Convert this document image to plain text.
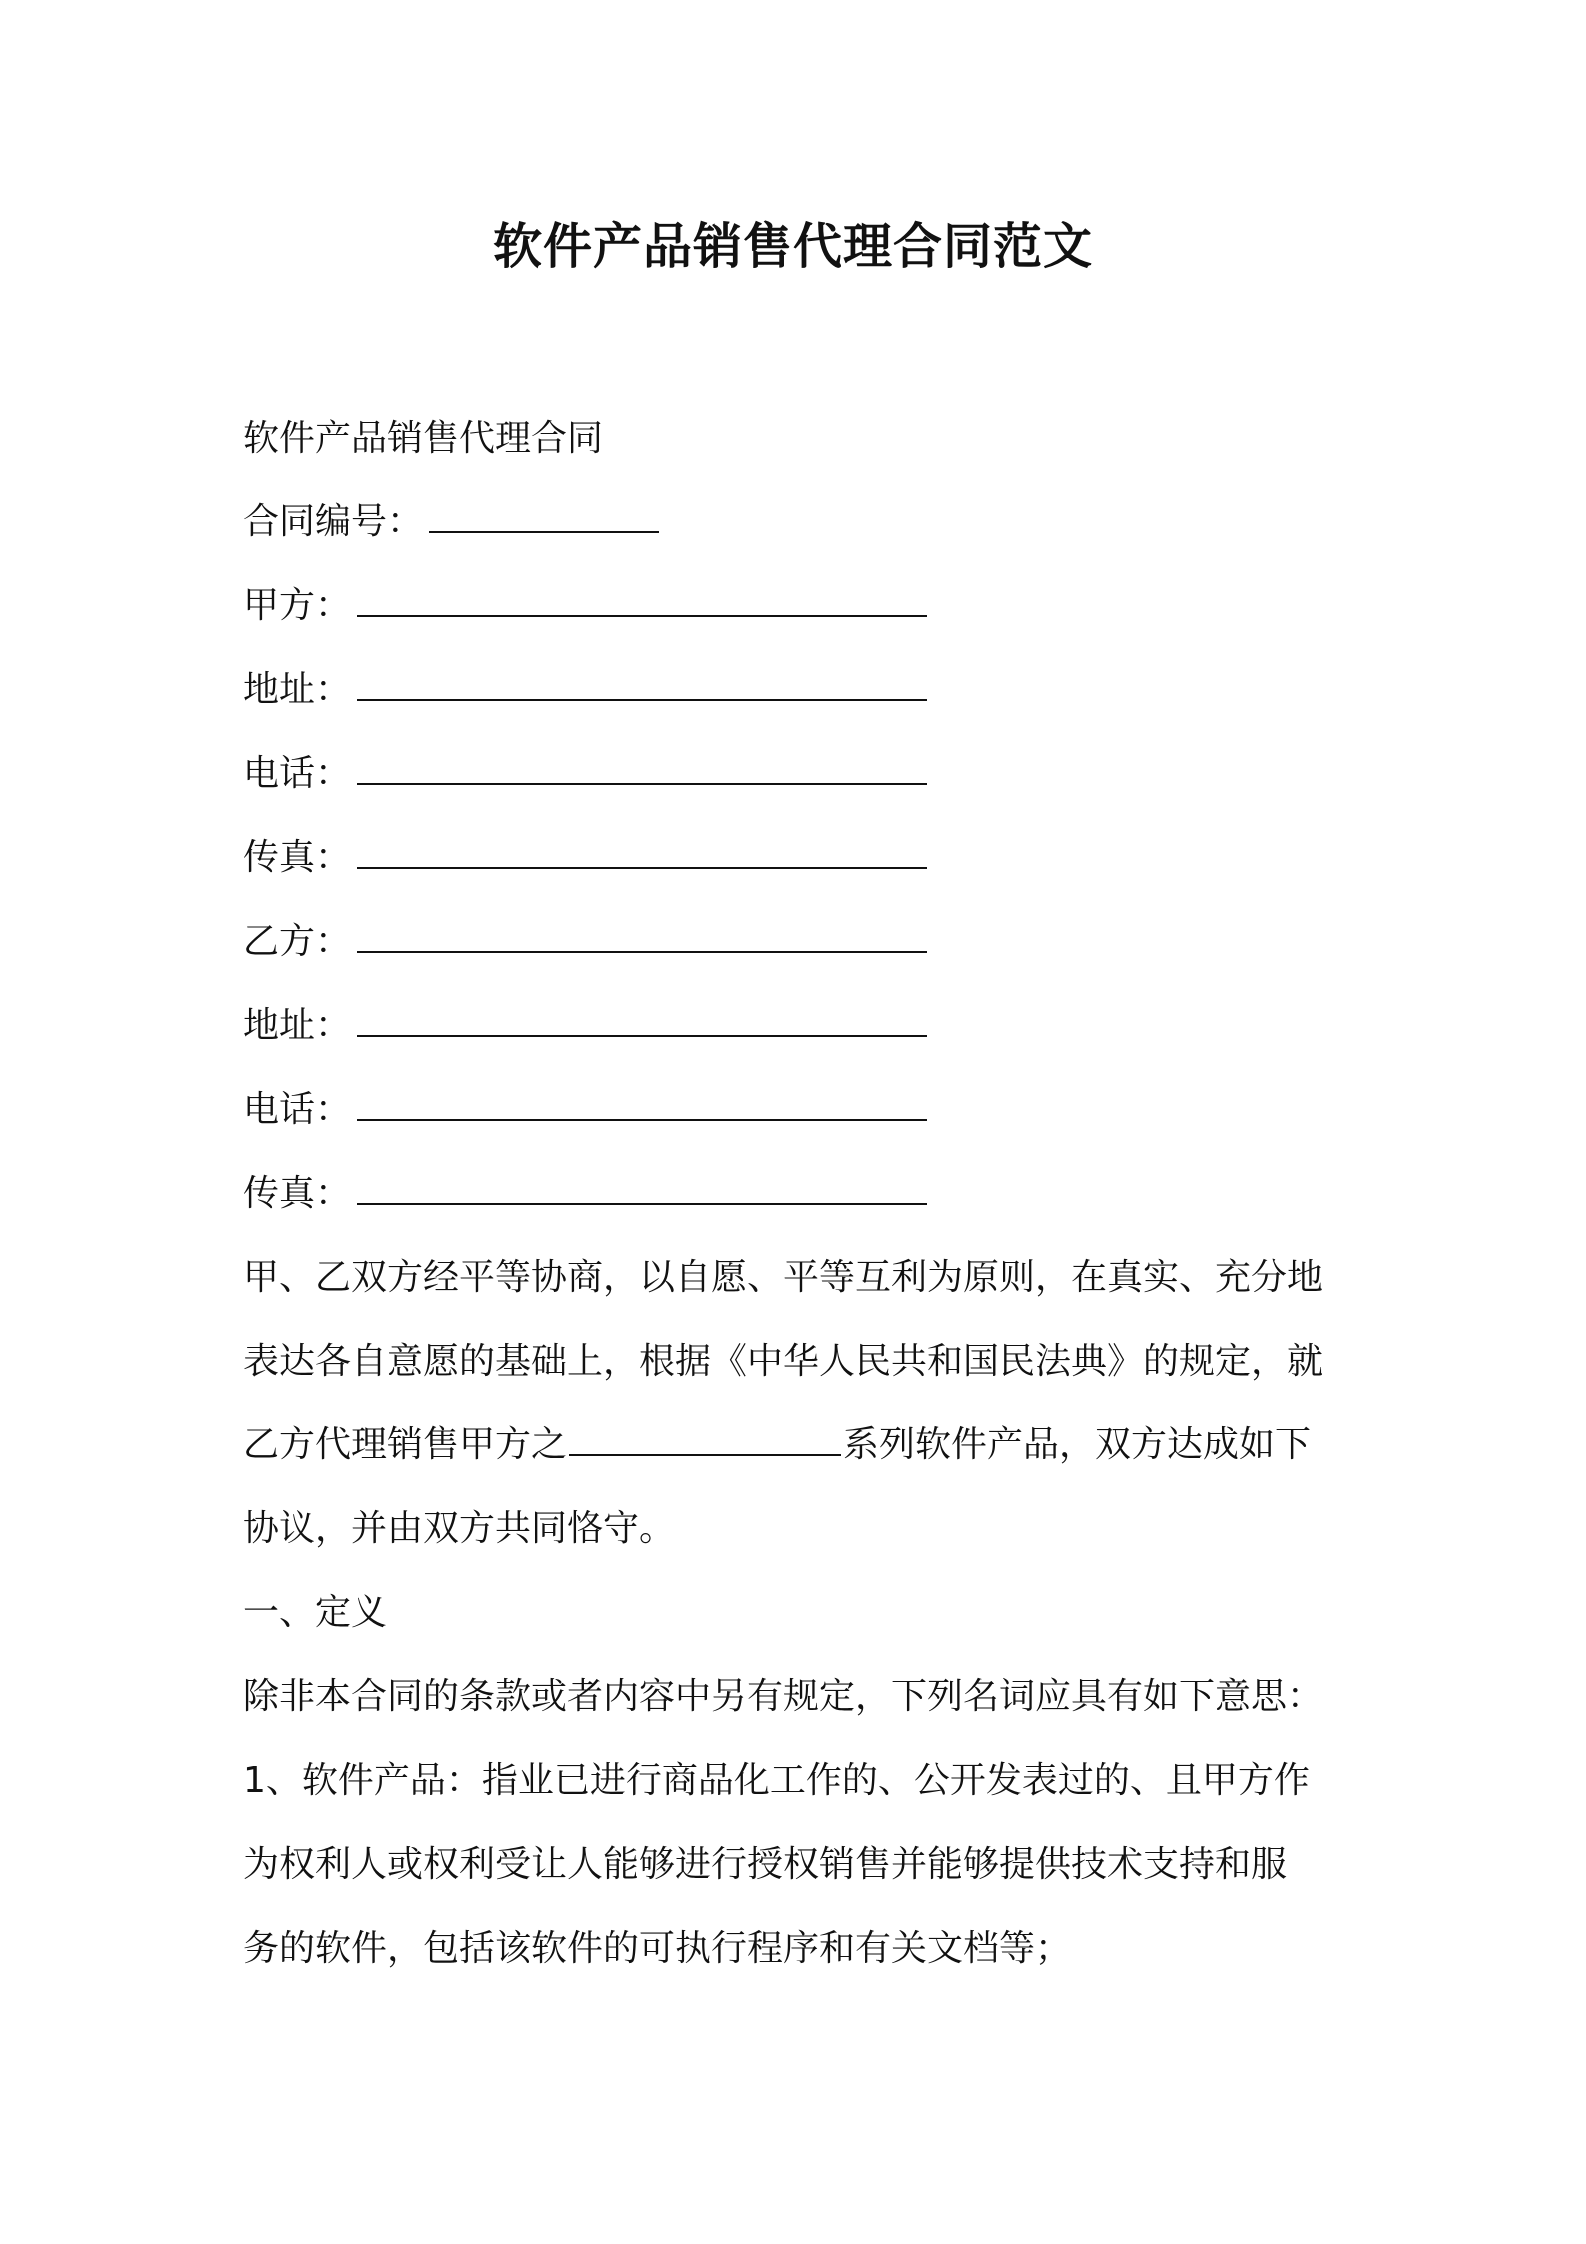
软件产品销售代理合同范文
软件产品销售代理合同
合同编号：
甲方：
地址：
电话：
传真：
乙方：
地址：
电话：
传真：
甲、乙双方经平等协商，以自愿、平等互利为原则，在真实、充分地
表达各自意愿的基础上，根据《中华人民共和国民法典》的规定，就
乙方代理销售甲方之	系列软件产品，双方达成如下
协议，并由双方共同恪守。
一、定义
除非本合同的条款或者内容中另有规定，下列名词应具有如下意思：
1、软件产品：指业已进行商品化工作的、公开发表过的、且甲方作
为权利人或权利受让人能够进行授权销售并能够提供技术支持和服
务的软件，包括该软件的可执行程序和有关文档等；
